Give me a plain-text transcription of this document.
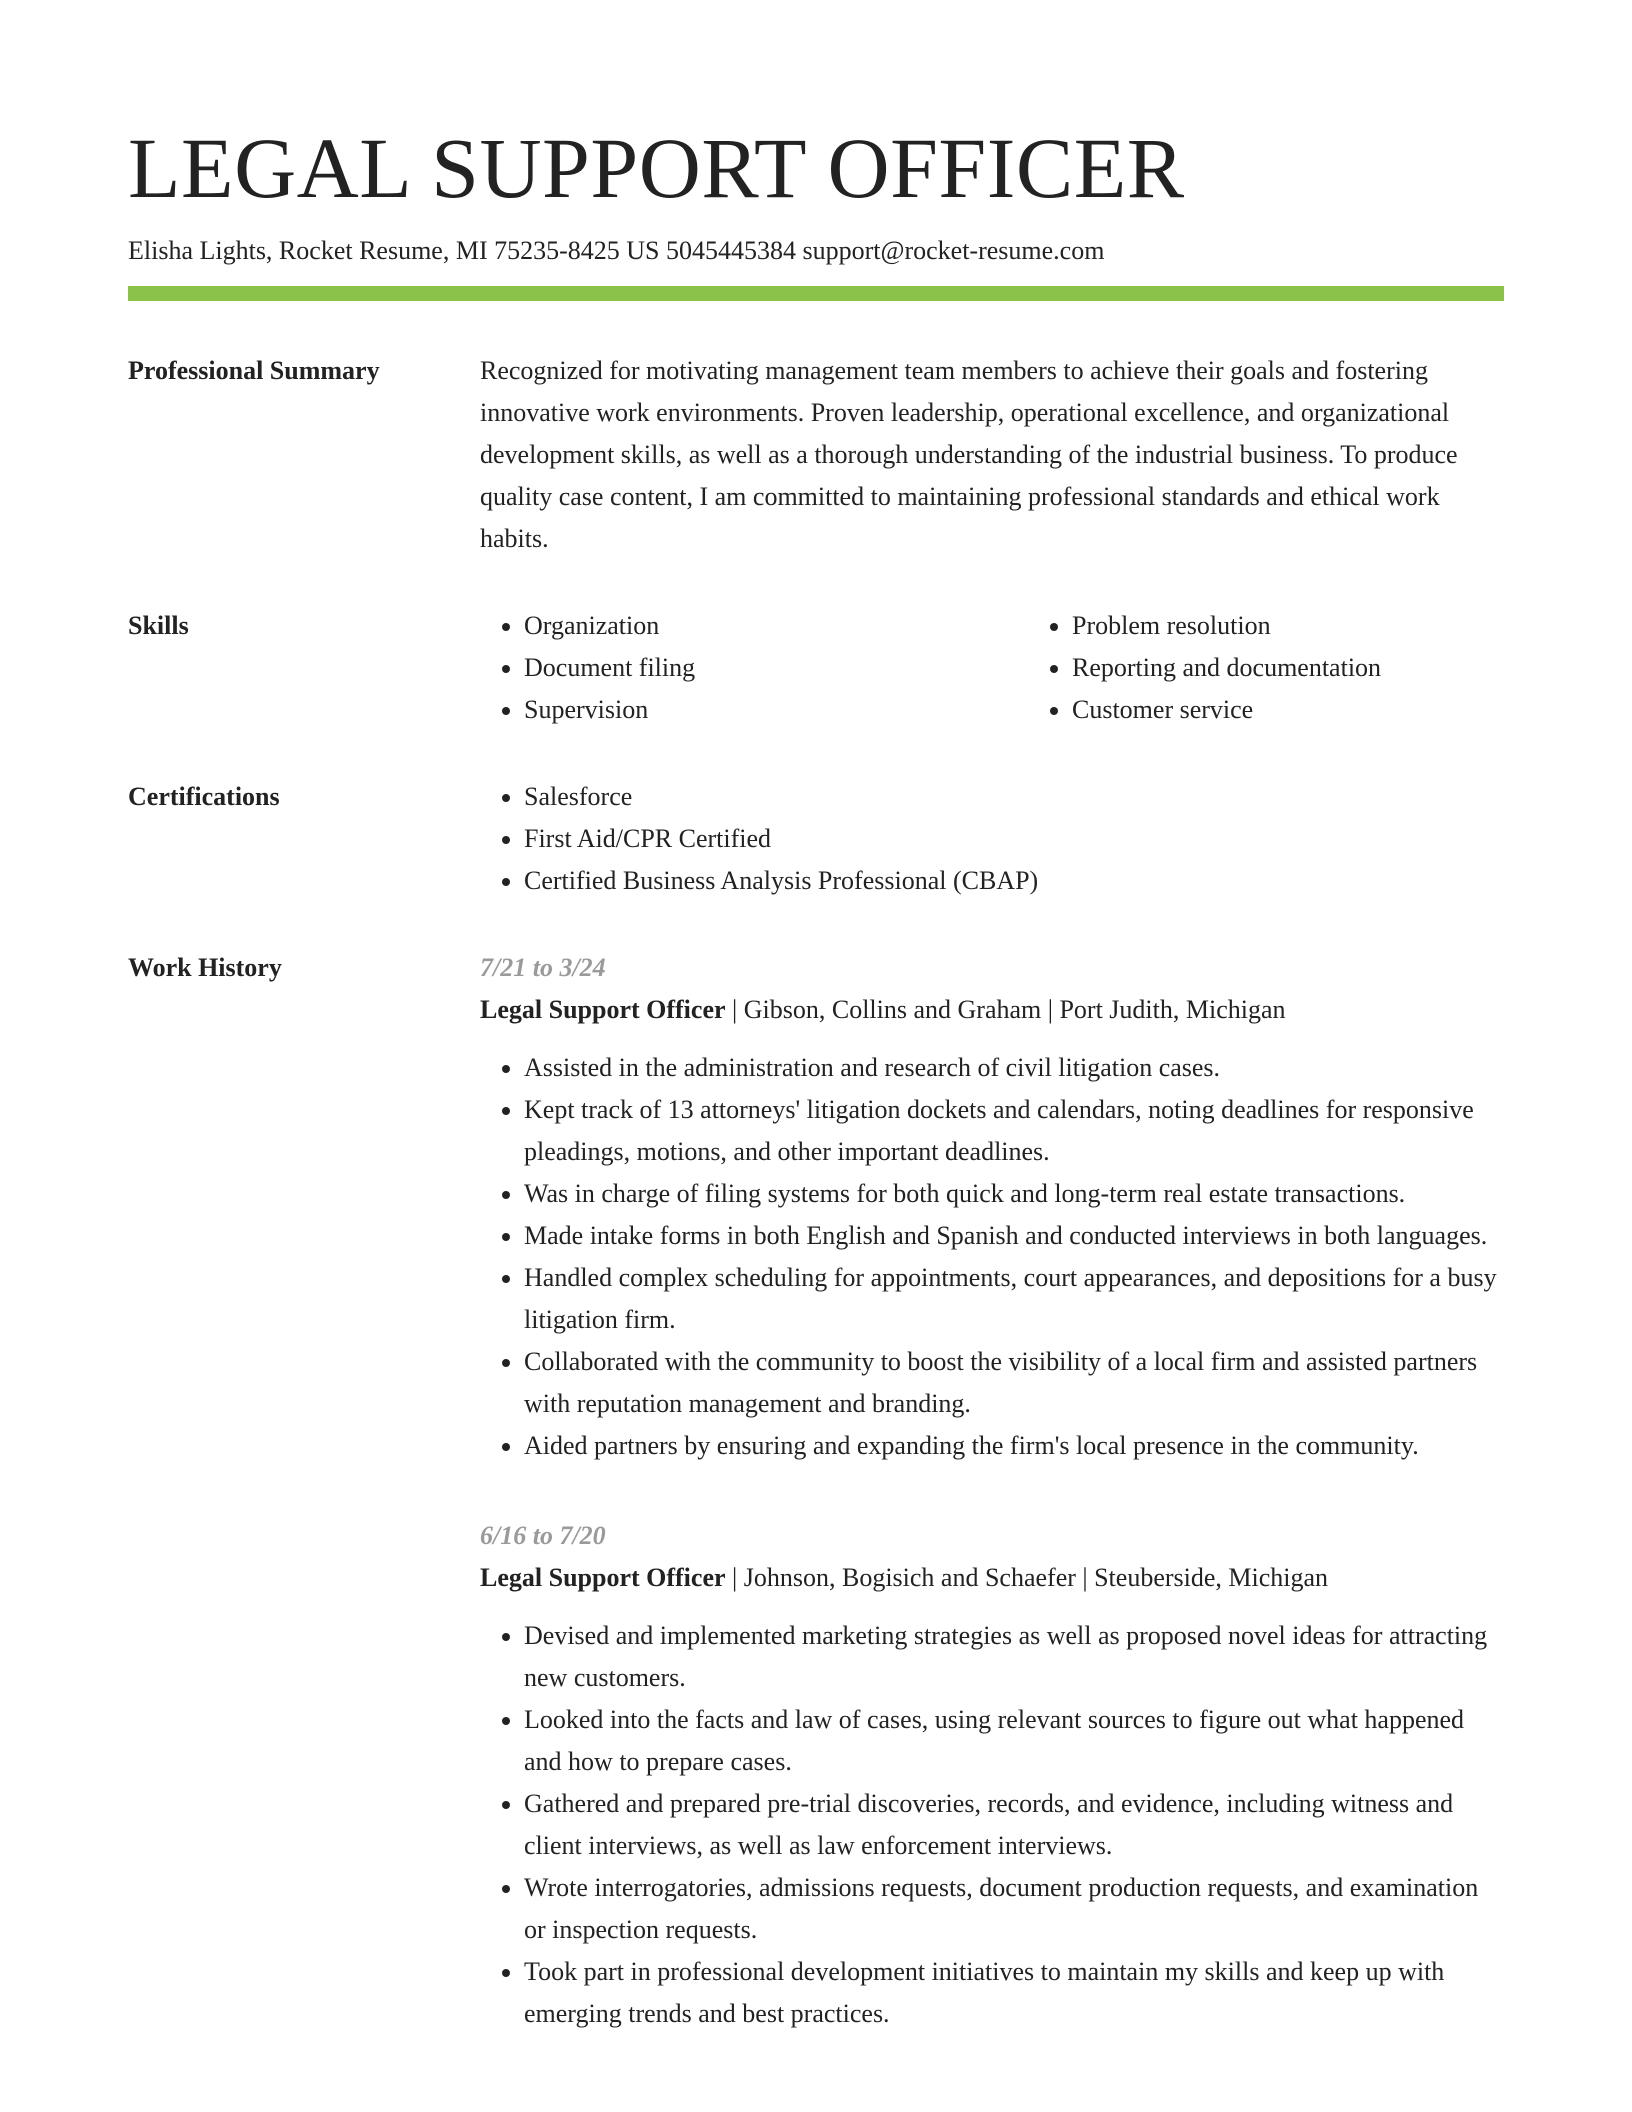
LEGAL SUPPORT OFFICER
Elisha Lights, Rocket Resume, MI 75235-8425 US 5045445384 support@rocket-resume.com
Professional Summary	Recognized for motivating management team members to achieve their goals and fostering innovative work environments. Proven leadership, operational excellence, and organizational development skills, as well as a thorough understanding of the industrial business. To produce quality case content, I am committed to maintaining professional standards and ethical work habits.

Skills	• Organization
• Document filing
• Supervision
• Problem resolution
• Reporting and documentation
• Customer service
Certifications	• Salesforce
• First Aid/CPR Certified
• Certified Business Analysis Professional (CBAP)
Work History	7/21 to 3/24
Legal Support Officer | Gibson, Collins and Graham | Port Judith, Michigan
• Assisted in the administration and research of civil litigation cases.
• Kept track of 13 attorneys' litigation dockets and calendars, noting deadlines for responsive pleadings, motions, and other important deadlines.
• Was in charge of filing systems for both quick and long-term real estate transactions.
• Made intake forms in both English and Spanish and conducted interviews in both languages.
• Handled complex scheduling for appointments, court appearances, and depositions for a busy litigation firm.
• Collaborated with the community to boost the visibility of a local firm and assisted partners with reputation management and branding.
• Aided partners by ensuring and expanding the firm's local presence in the community.
6/16 to 7/20
Legal Support Officer | Johnson, Bogisich and Schaefer | Steuberside, Michigan
• Devised and implemented marketing strategies as well as proposed novel ideas for attracting new customers.
• Looked into the facts and law of cases, using relevant sources to figure out what happened and how to prepare cases.
• Gathered and prepared pre-trial discoveries, records, and evidence, including witness and client interviews, as well as law enforcement interviews.
• Wrote interrogatories, admissions requests, document production requests, and examination or inspection requests.
• Took part in professional development initiatives to maintain my skills and keep up with emerging trends and best practices.
